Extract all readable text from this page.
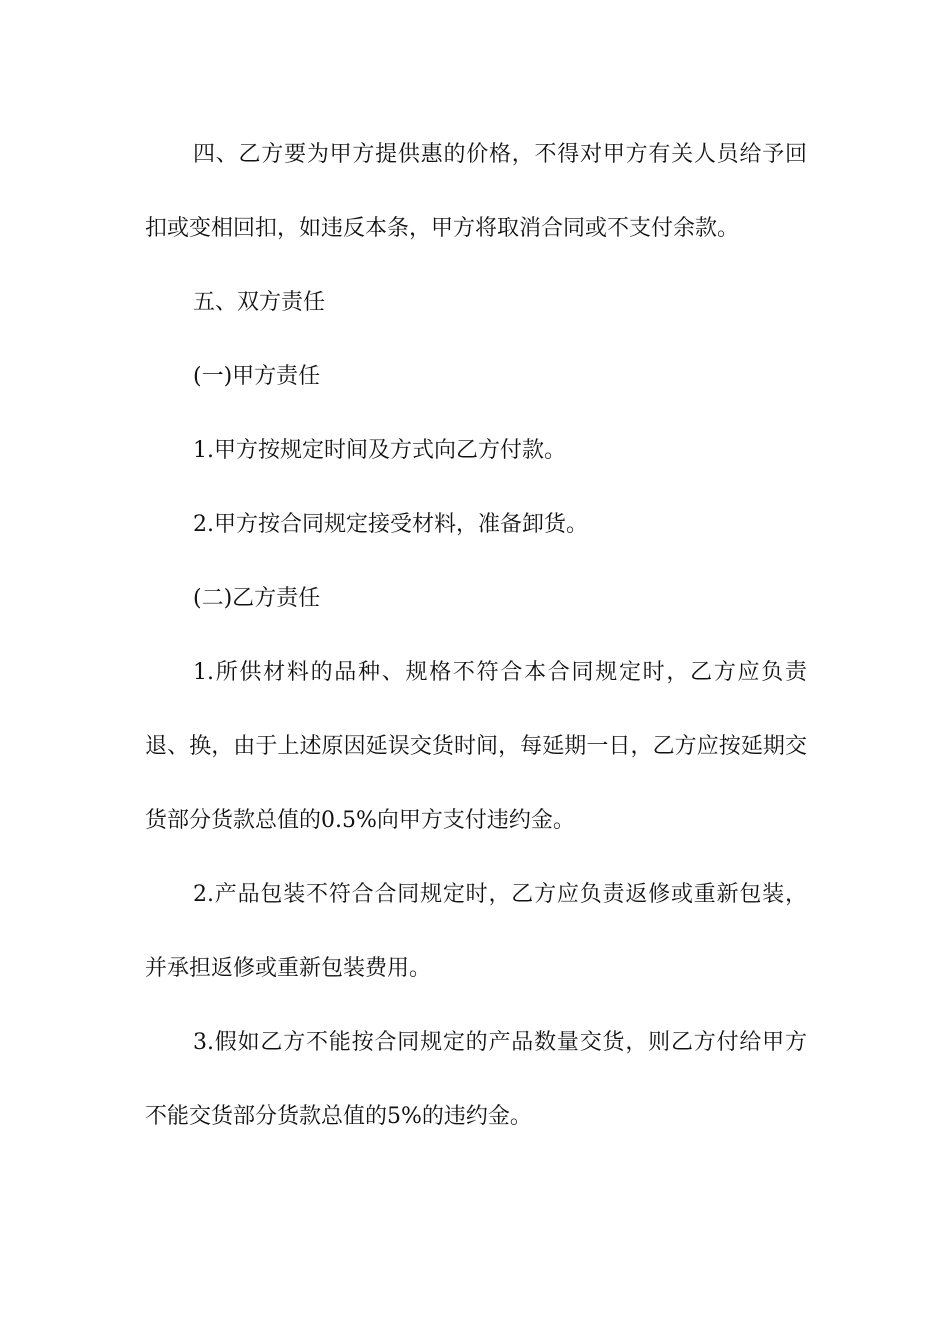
四、乙方要为甲方提供惠的价格，不得对甲方有关人员给予回扣或变相回扣，如违反本条，甲方将取消合同或不支付余款。

五、双方责任

(一)甲方责任

1.甲方按规定时间及方式向乙方付款。

2.甲方按合同规定接受材料，准备卸货。

(二)乙方责任

1.所供材料的品种、规格不符合本合同规定时，乙方应负责退、换，由于上述原因延误交货时间，每延期一日，乙方应按延期交货部分货款总值的0.5%向甲方支付违约金。

2.产品包装不符合合同规定时，乙方应负责返修或重新包装，并承担返修或重新包装费用。

3.假如乙方不能按合同规定的产品数量交货，则乙方付给甲方不能交货部分货款总值的5%的违约金。
